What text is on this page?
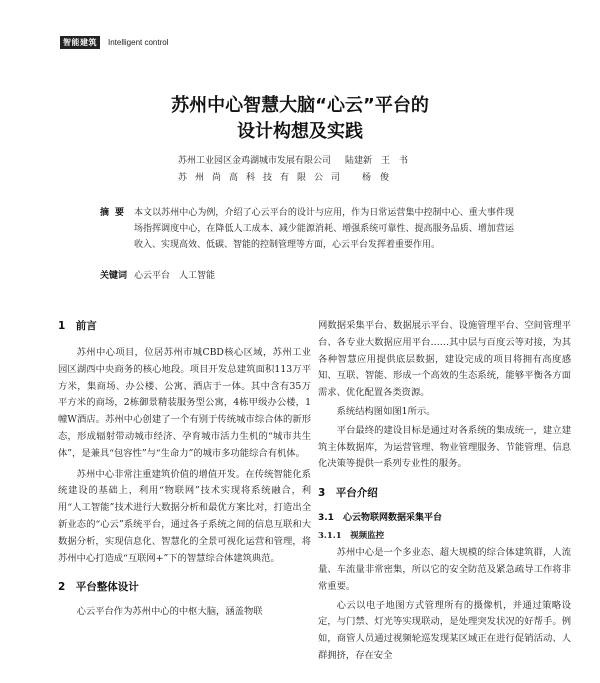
智能建筑	Intelligent control
苏州中心智慧大脑“心云”平台的
设计构想及实践
苏州工业园区金鸡湖城市发展有限公司 陆建新　王　书
苏州尚高科技有限公司 杨　俊
摘要 本文以苏州中心为例，介绍了心云平台的设计与应用，作为日常运营集中控制中心、重大事件现场指挥调度中心，在降低人工成本、减少能源消耗、增强系统可靠性、提高服务品质、增加营运收入、实现高效、低碳、智能的控制管理等方面，心云平台发挥着重要作用。
关键词 心云平台　人工智能
1　前言

苏州中心项目，位居苏州市城CBD核心区域，苏州工业园区湖西中央商务的核心地段。项目开发总建筑面积113万平方米，集商场、办公楼、公寓、酒店于一体。其中含有35万平方米的商场，2栋御景精装服务型公寓，4栋甲级办公楼，1幢W酒店。苏州中心创建了一个有别于传统城市综合体的新形态，形成辐射带动城市经济、孕育城市活力生机的“城市共生体”，是兼具“包容性”与“生命力”的城市多功能综合有机体。

苏州中心非常注重建筑价值的增值开发。在传统智能化系统建设的基础上，利用“物联网”技术实现将系统融合，利用“人工智能”技术进行大数据分析和最优方案比对，打造出全新业态的“心云”系统平台，通过各子系统之间的信息互联和大数据分析，实现信息化、智慧化的全景可视化运营和管理，将苏州中心打造成“互联网+”下的智慧综合体建筑典范。

2　平台整体设计

心云平台作为苏州中心的中枢大脑，涵盖物联

网数据采集平台、数据展示平台、设施管理平台、空间管理平台、各专业大数据应用平台……其中层与百度云等对接，为其各种智慧应用提供底层数据，建设完成的项目将拥有高度感知、互联、智能、形成一个高效的生态系统，能够平衡各方面需求、优化配置各类资源。

系统结构图如图1所示。

平台最终的建设目标是通过对各系统的集成统一，建立建筑主体数据库，为运营管理、物业管理服务、节能管理、信息化决策等提供一系列专业性的服务。

3　平台介绍
3.1　心云物联网数据采集平台
3.1.1　视频监控

苏州中心是一个多业态、超大规模的综合体建筑群，人流量、车流量非常密集，所以它的安全防范及紧急疏导工作将非常重要。

心云以电子地图方式管理所有的摄像机，并通过策略设定，与门禁、灯光等实现联动，是处理突发状况的好帮手。例如，商管人员通过视频轮巡发现某区域正在进行促销活动、人群拥挤，存在安全
